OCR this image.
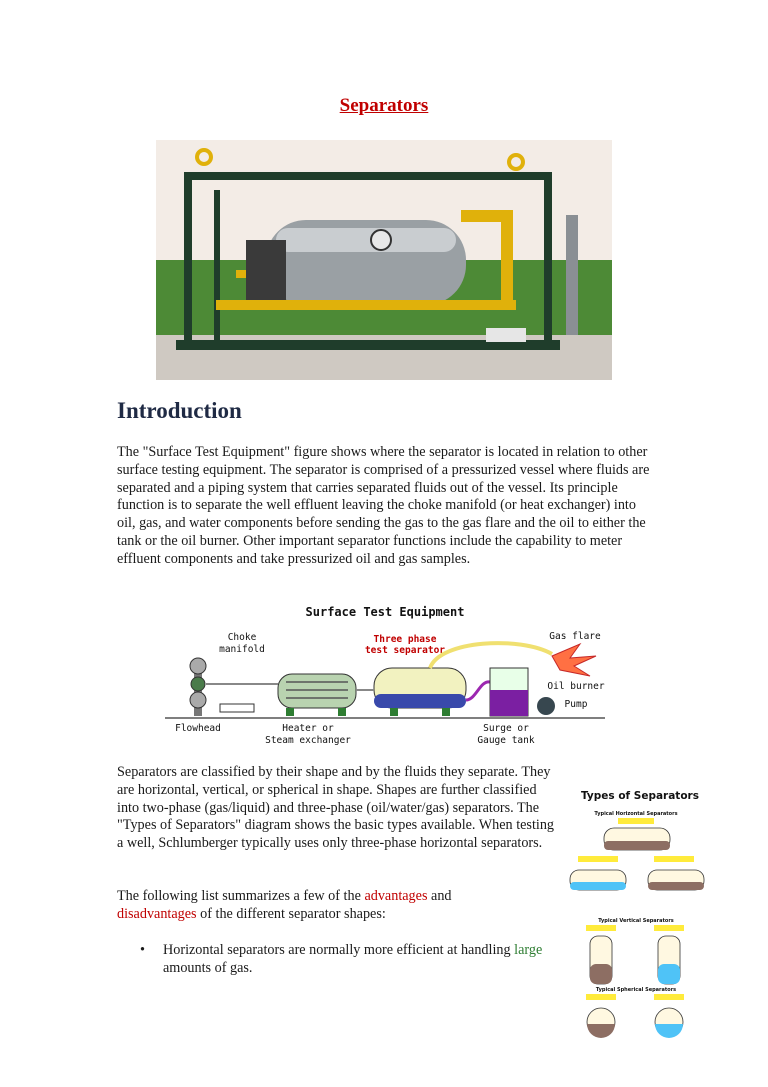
Separators
Introduction
The "Surface Test Equipment" figure shows where the separator is located in relation to other surface testing equipment. The separator is comprised of a pressurized vessel where fluids are separated and a piping system that carries separated fluids out of the vessel. Its principle function is to separate the well effluent leaving the choke manifold (or heat exchanger) into oil, gas, and water components before sending the gas to the gas flare and the oil to either the tank or the oil burner. Other important separator functions include the capability to meter effluent components and take pressurized oil and gas samples.
Surface Test Equipment
Choke
manifold
Three phase
test separator
Gas flare
Oil burner
Pump
Flowhead	Heater or
Steam exchanger
Surge or
Gauge tank
Separators are classified by their shape and by the fluids they separate. They are horizontal, vertical, or spherical in shape. Shapes are further classified into two-phase (gas/liquid) and three-phase (oil/water/gas) separators. The "Types of Separators" diagram shows the basic types available. When testing a well, Schlumberger typically uses only three-phase horizontal separators.
The following list summarizes a few of the advantages and
disadvantages of the different separator shapes:
• Horizontal separators are normally more efficient at handling large amounts of gas.
Types of Separators
Typical Horizontal Separators
Typical Vertical Separators
Typical Spherical Separators
